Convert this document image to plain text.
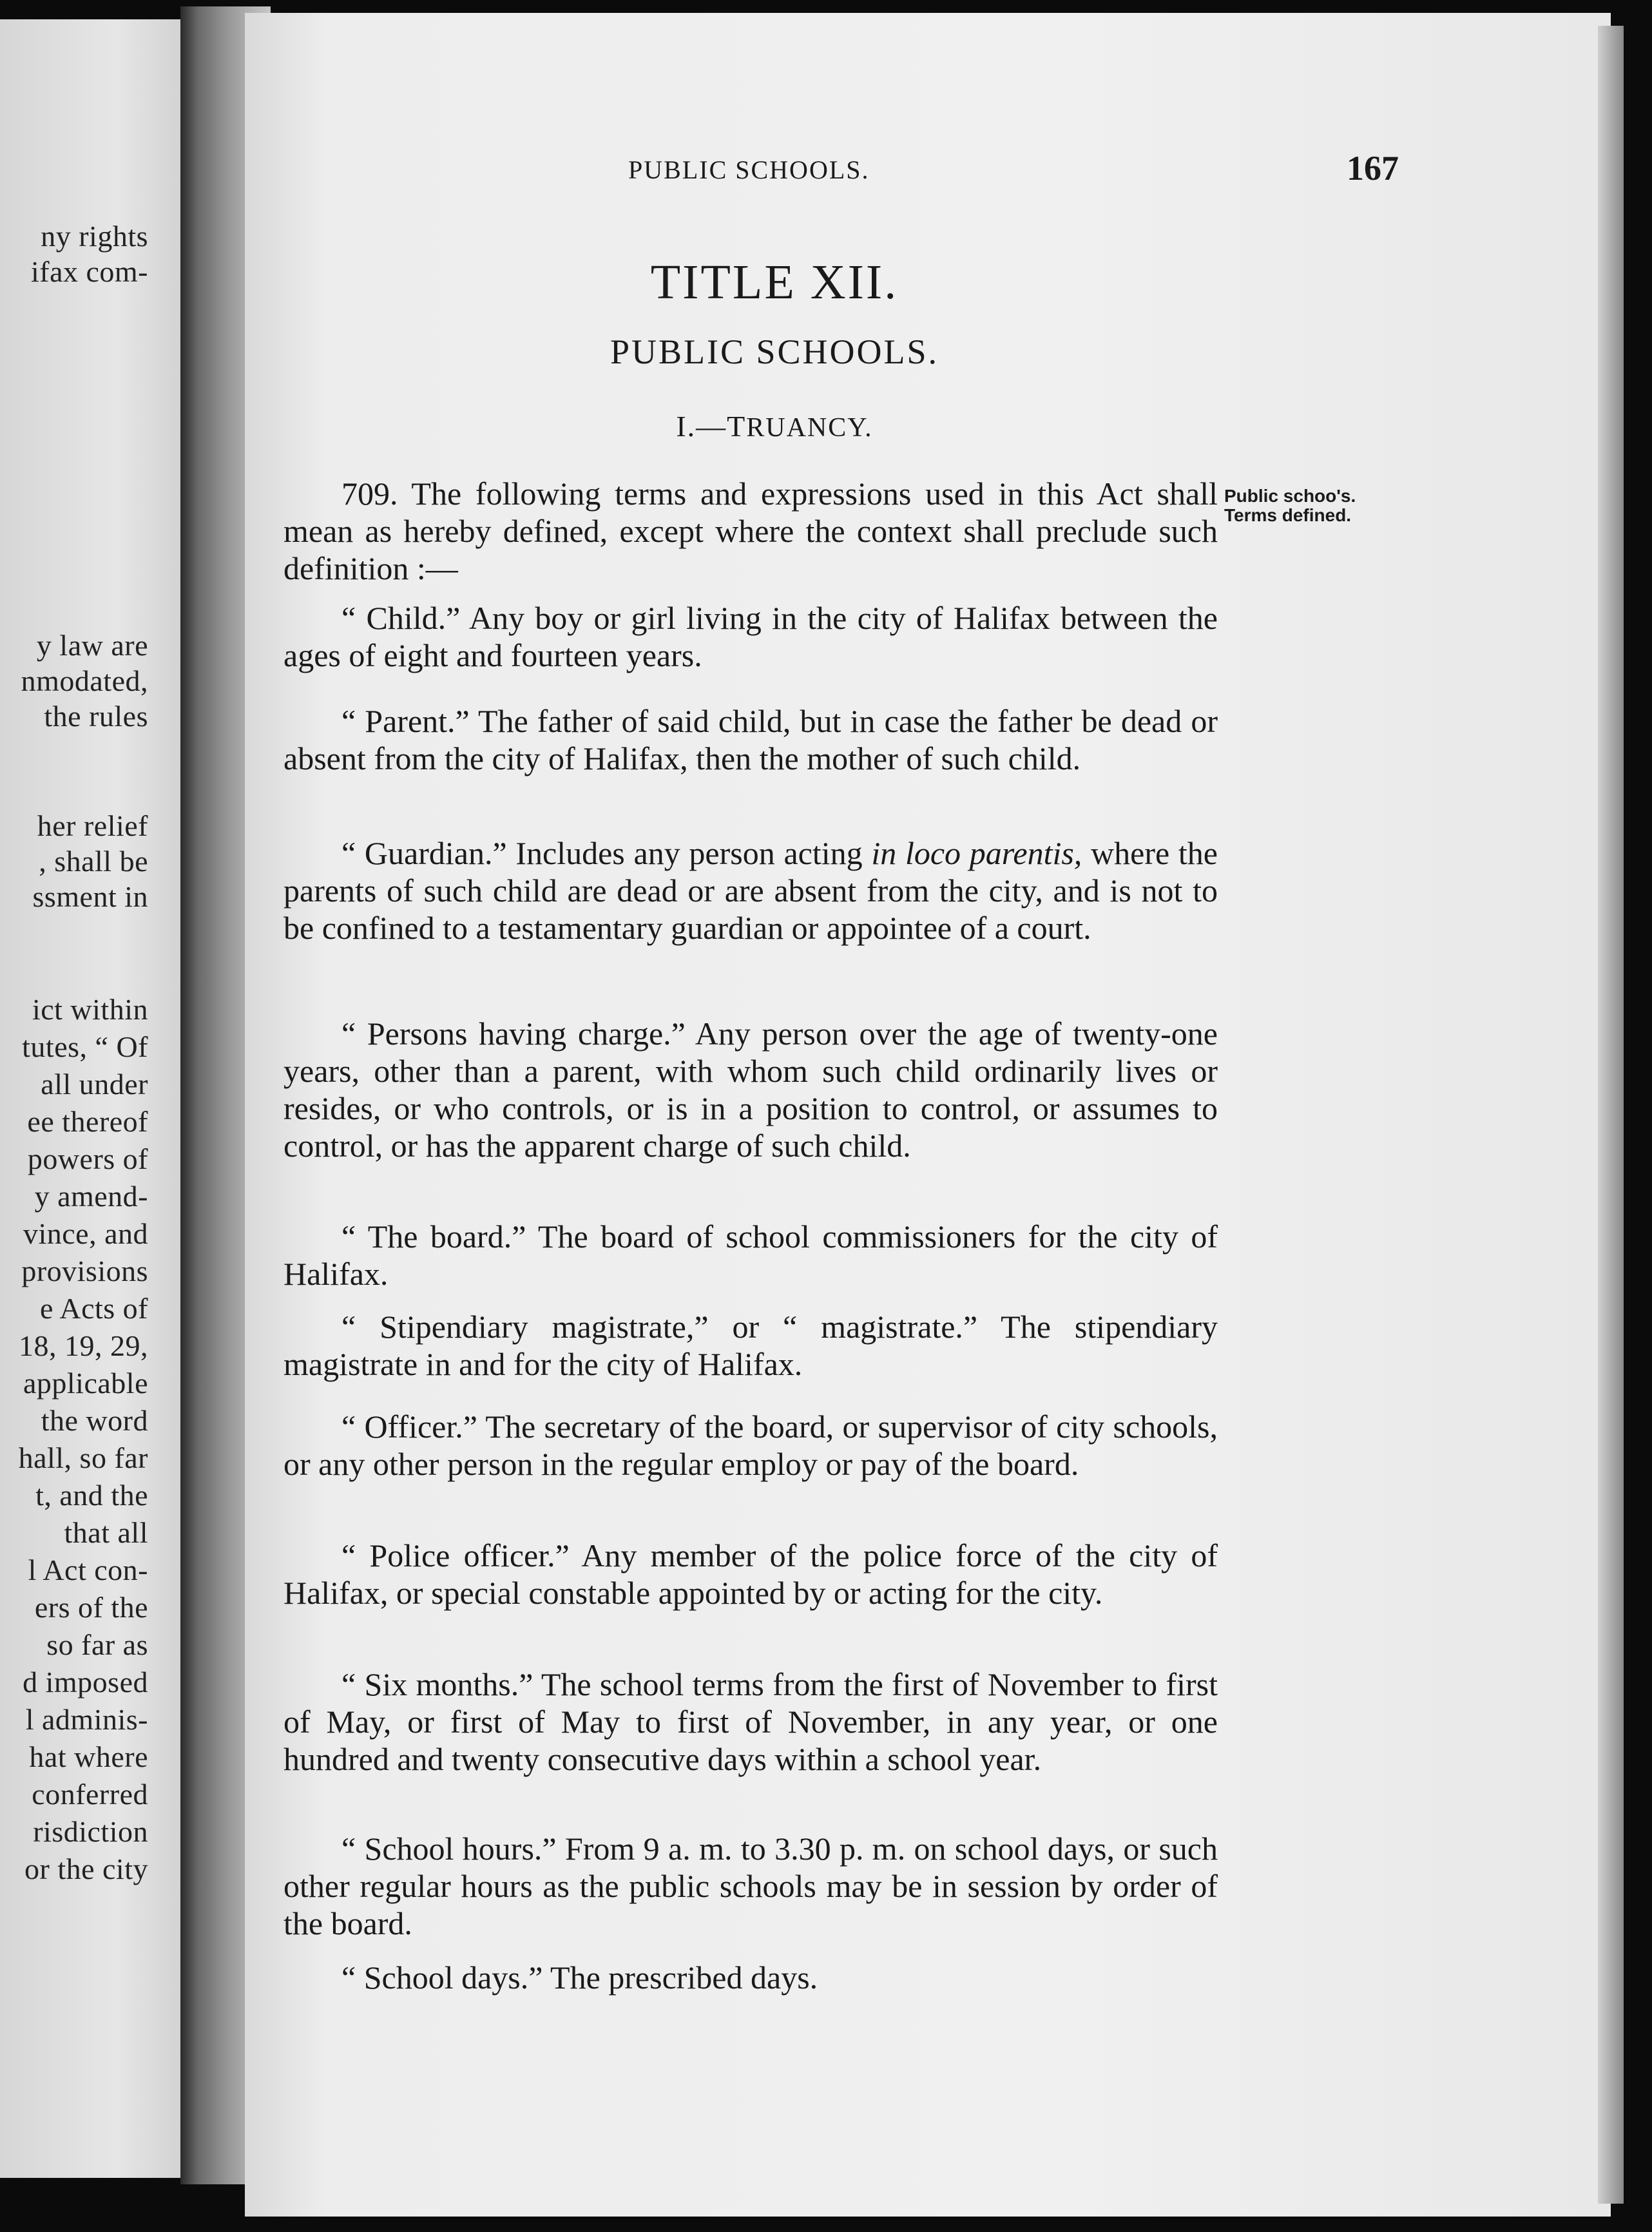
ny rights
ifax com-
y law are
nmodated,
the rules
her relief
, shall be
ssment in
ict within
tutes, “ Of
all under
ee thereof
powers of
y amend-
vince, and
provisions
e Acts of
18, 19, 29,
applicable
the word
hall, so far
t, and the
that all
l Act con-
ers of the
so far as
d imposed
l adminis-
hat where
conferred
risdiction
or the city
PUBLIC SCHOOLS.	167
TITLE XII.
PUBLIC SCHOOLS.
I.—TRUANCY.
Public schoo's.
Terms defined.
709. The following terms and expressions used in this Act shall mean as hereby defined, except where the context shall preclude such definition :—
“ Child.” Any boy or girl living in the city of Halifax between the ages of eight and fourteen years.
“ Parent.” The father of said child, but in case the father be dead or absent from the city of Halifax, then the mother of such child.
“ Guardian.” Includes any person acting in loco parentis, where the parents of such child are dead or are absent from the city, and is not to be confined to a testamentary guardian or appointee of a court.
“ Persons having charge.” Any person over the age of twenty-one years, other than a parent, with whom such child ordinarily lives or resides, or who controls, or is in a position to control, or assumes to control, or has the apparent charge of such child.
“ The board.” The board of school commissioners for the city of Halifax.
“ Stipendiary magistrate,” or “ magistrate.” The stipendiary magistrate in and for the city of Halifax.
“ Officer.” The secretary of the board, or supervisor of city schools, or any other person in the regular employ or pay of the board.
“ Police officer.” Any member of the police force of the city of Halifax, or special constable appointed by or acting for the city.
“ Six months.” The school terms from the first of November to first of May, or first of May to first of November, in any year, or one hundred and twenty consecutive days within a school year.
“ School hours.” From 9 a. m. to 3.30 p. m. on school days, or such other regular hours as the public schools may be in session by order of the board.
“ School days.” The prescribed days.
